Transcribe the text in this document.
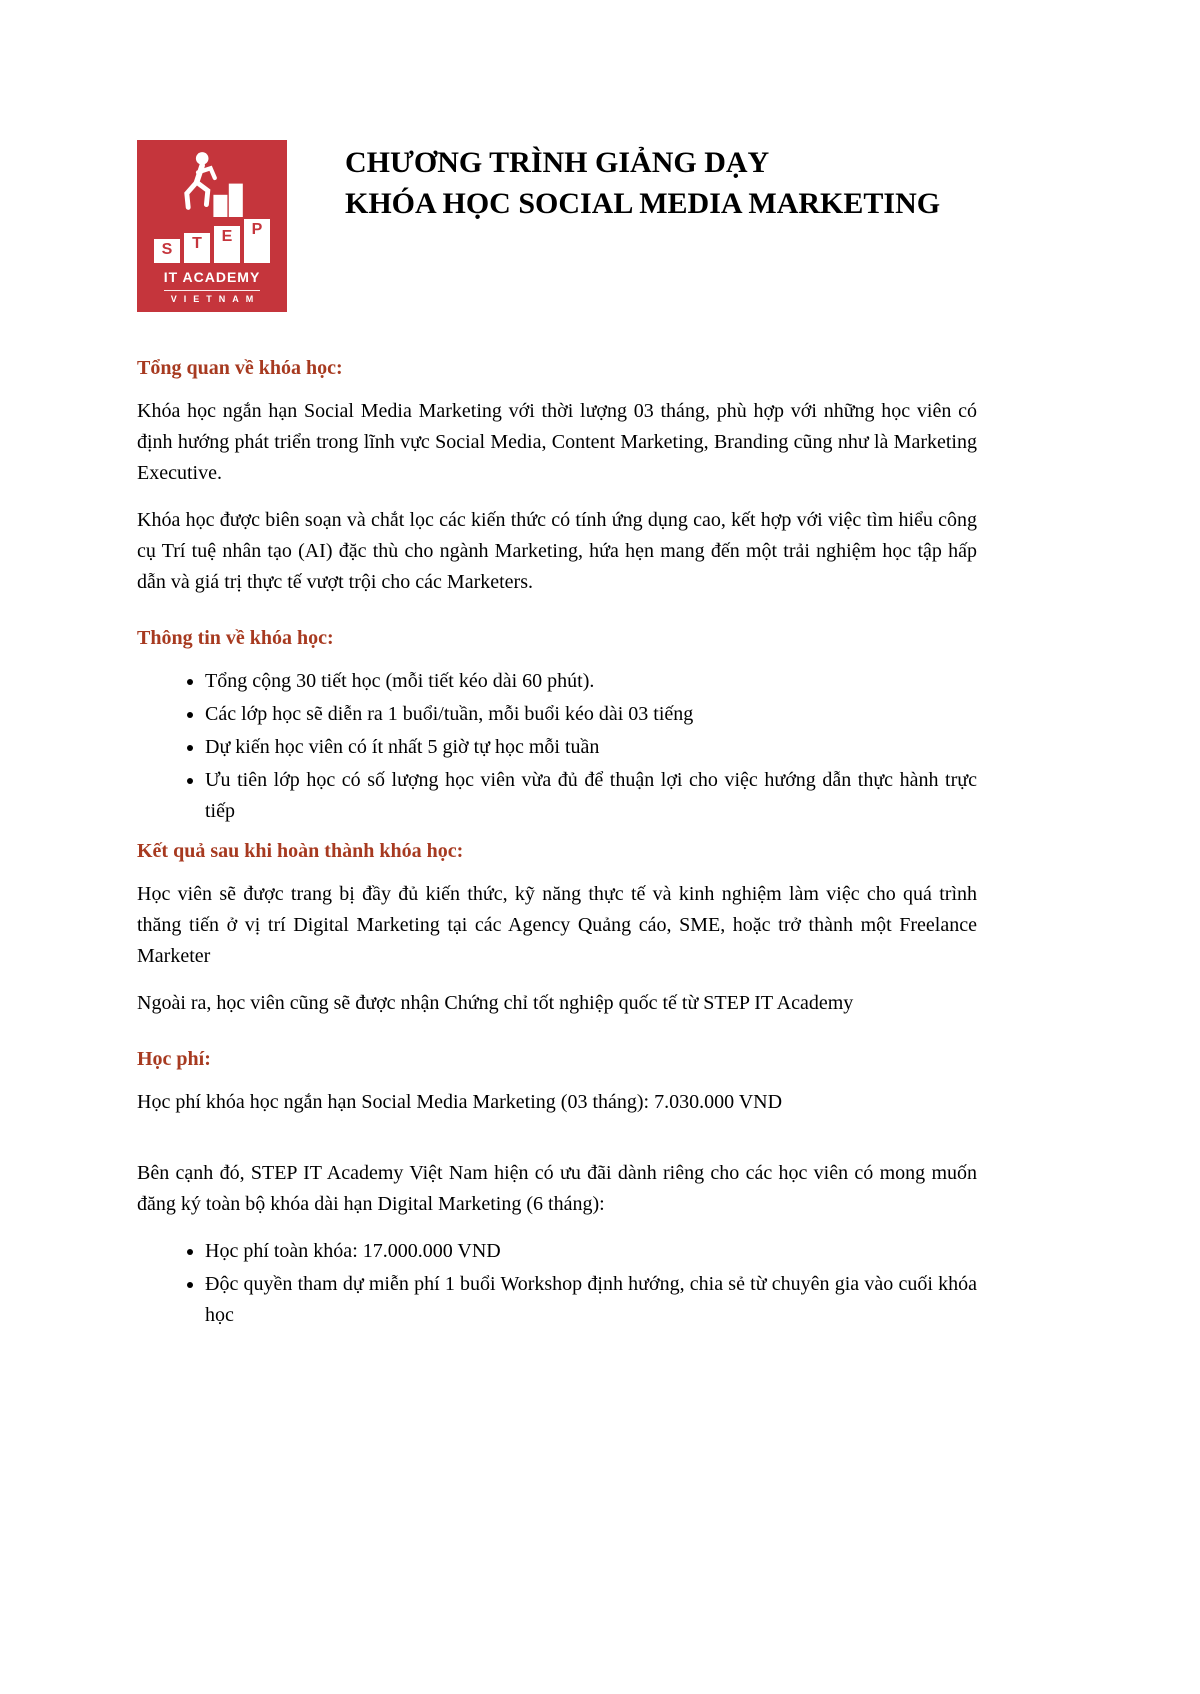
S	T	E	P
IT ACADEMY
VIETNAM
CHƯƠNG TRÌNH GIẢNG DẠY
KHÓA HỌC SOCIAL MEDIA MARKETING
Tổng quan về khóa học:

Khóa học ngắn hạn Social Media Marketing với thời lượng 03 tháng, phù hợp với những học viên có định hướng phát triển trong lĩnh vực Social Media, Content Marketing, Branding cũng như là Marketing Executive.

Khóa học được biên soạn và chắt lọc các kiến thức có tính ứng dụng cao, kết hợp với việc tìm hiểu công cụ Trí tuệ nhân tạo (AI) đặc thù cho ngành Marketing, hứa hẹn mang đến một trải nghiệm học tập hấp dẫn và giá trị thực tế vượt trội cho các Marketers.

Thông tin về khóa học:
• Tổng cộng 30 tiết học (mỗi tiết kéo dài 60 phút).
• Các lớp học sẽ diễn ra 1 buổi/tuần, mỗi buổi kéo dài 03 tiếng
• Dự kiến học viên có ít nhất 5 giờ tự học mỗi tuần
• Ưu tiên lớp học có số lượng học viên vừa đủ để thuận lợi cho việc hướng dẫn thực hành trực tiếp
Kết quả sau khi hoàn thành khóa học:

Học viên sẽ được trang bị đầy đủ kiến thức, kỹ năng thực tế và kinh nghiệm làm việc cho quá trình thăng tiến ở vị trí Digital Marketing tại các Agency Quảng cáo, SME, hoặc trở thành một Freelance Marketer

Ngoài ra, học viên cũng sẽ được nhận Chứng chỉ tốt nghiệp quốc tế từ STEP IT Academy

Học phí:

Học phí khóa học ngắn hạn Social Media Marketing (03 tháng): 7.030.000 VND

Bên cạnh đó, STEP IT Academy Việt Nam hiện có ưu đãi dành riêng cho các học viên có mong muốn đăng ký toàn bộ khóa dài hạn Digital Marketing (6 tháng):

• Học phí toàn khóa: 17.000.000 VND
• Độc quyền tham dự miễn phí 1 buổi Workshop định hướng, chia sẻ từ chuyên gia vào cuối khóa học
